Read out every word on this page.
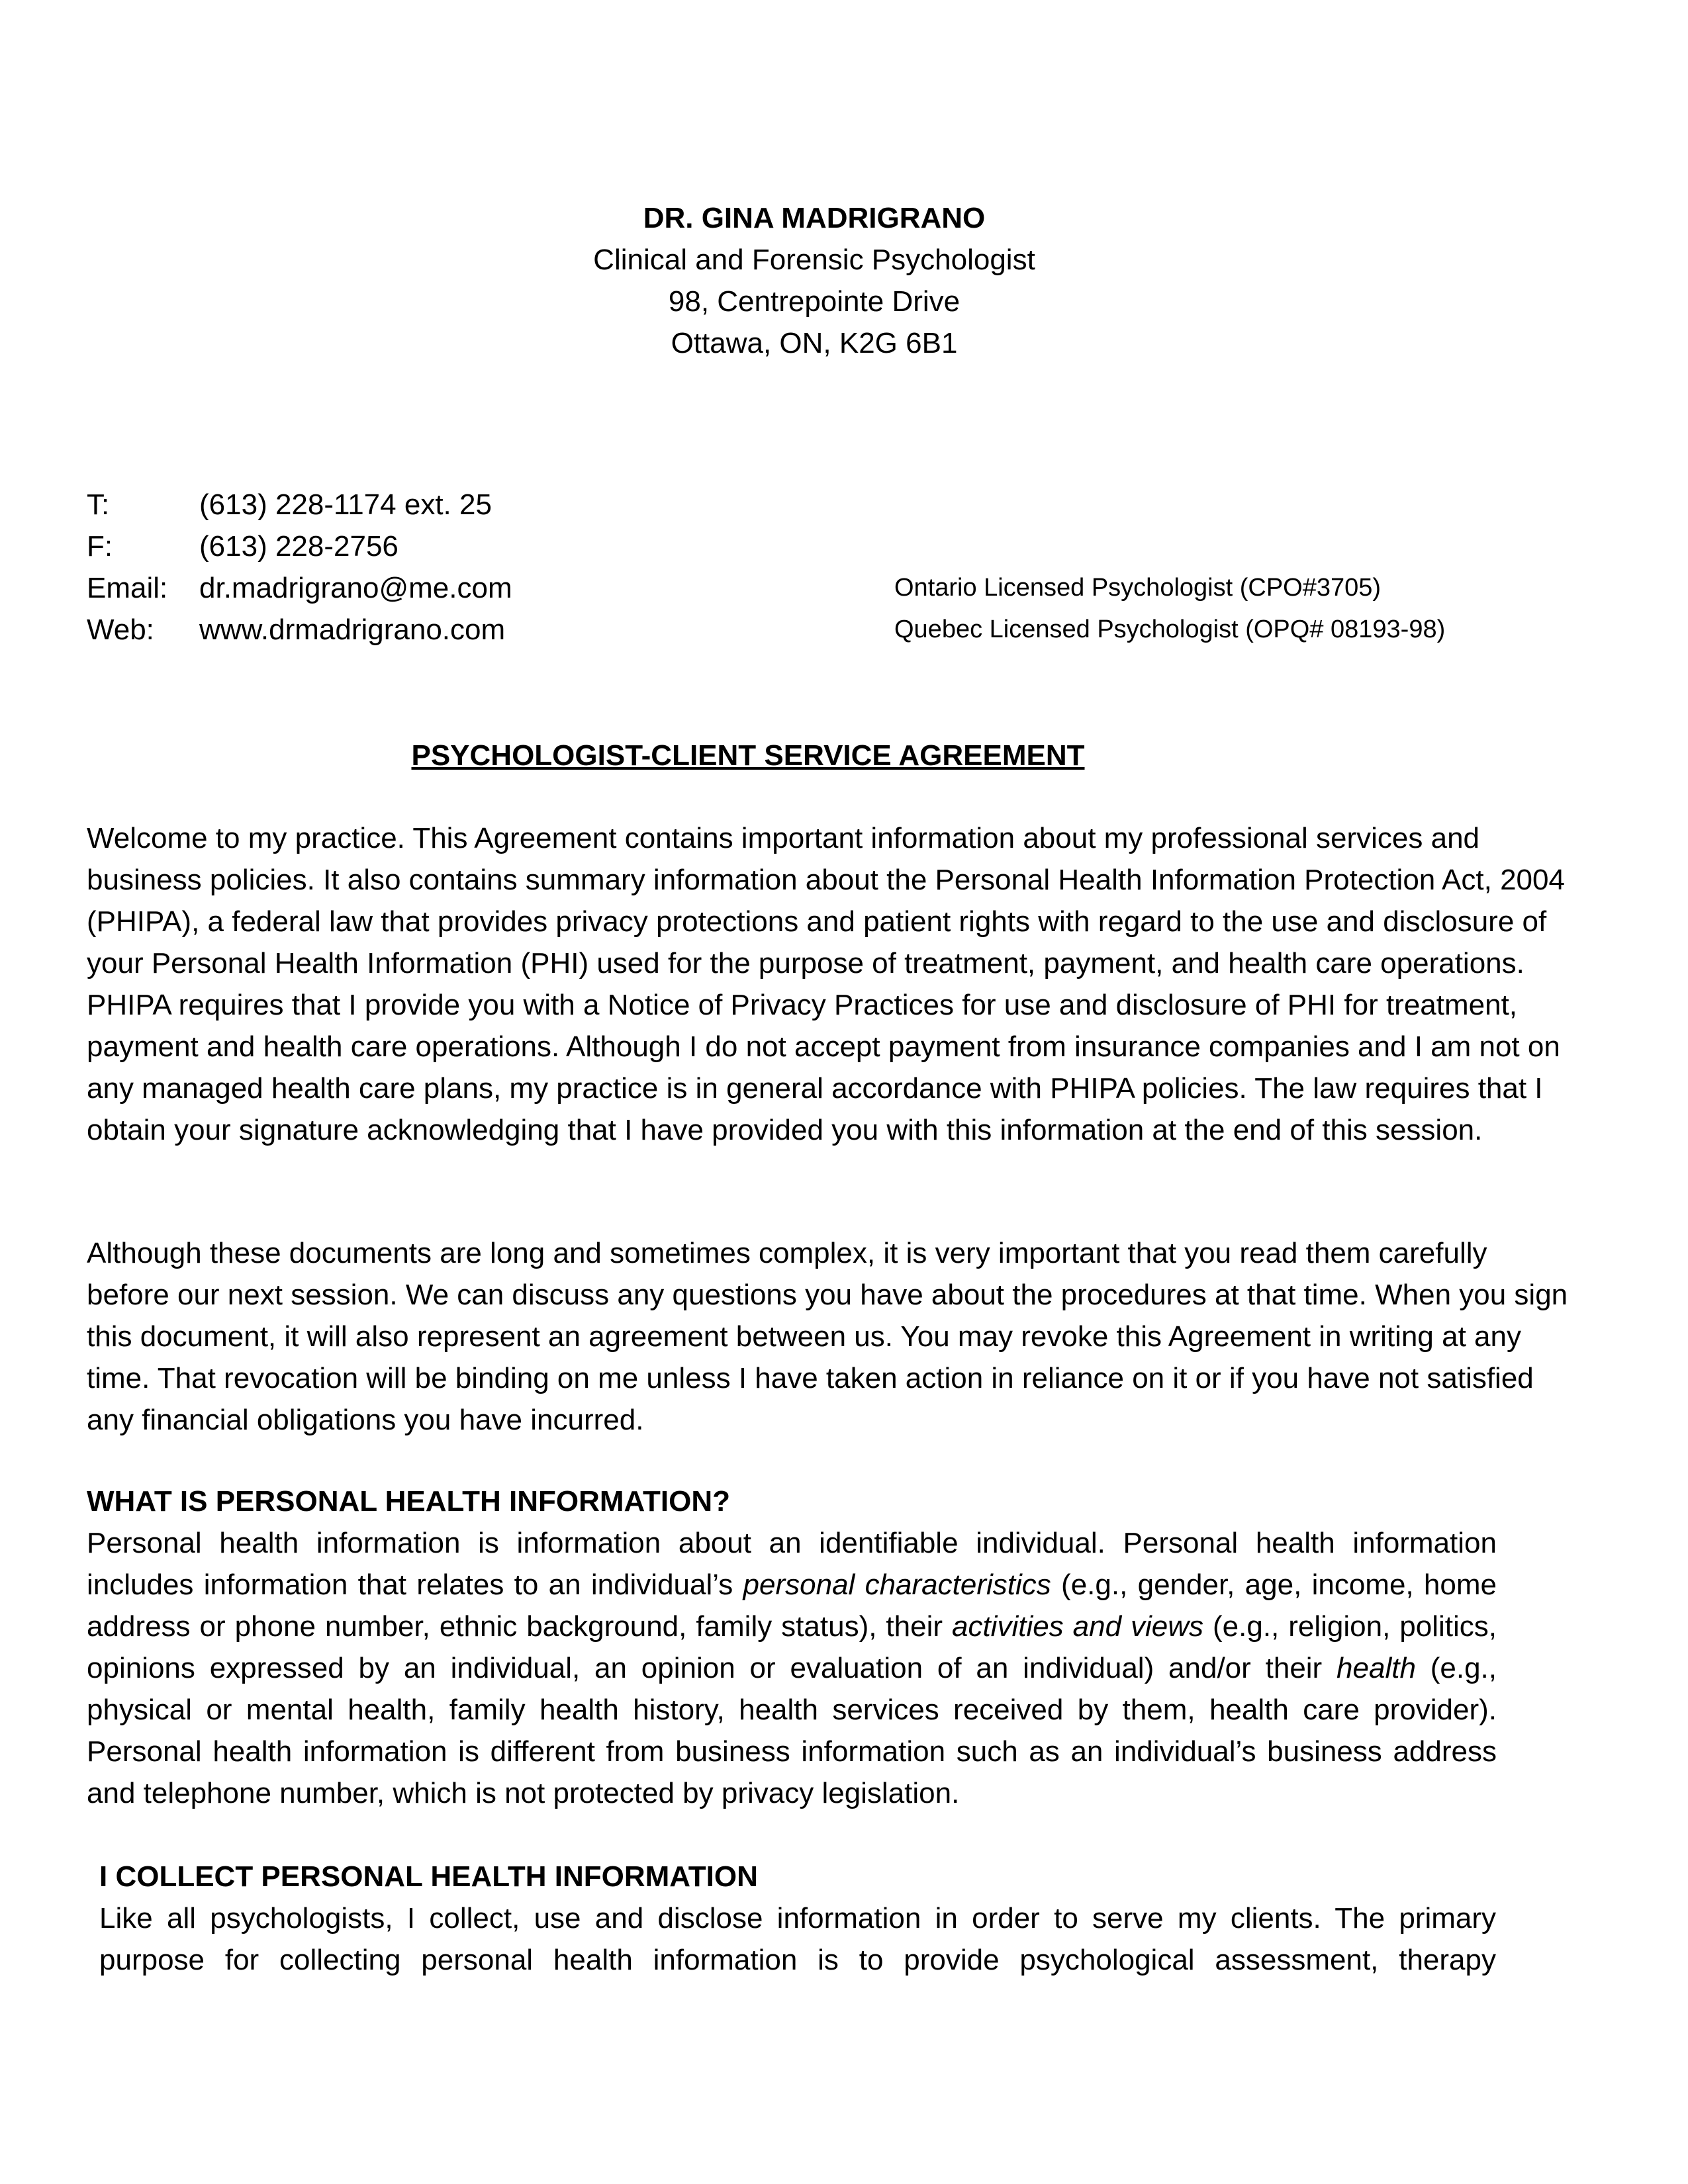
DR. GINA MADRIGRANO
Clinical and Forensic Psychologist
98, Centrepointe Drive
Ottawa, ON, K2G 6B1
T:	(613) 228-1174 ext. 25
F:	(613) 228-2756
Email:	dr.madrigrano@me.com	Ontario Licensed Psychologist (CPO#3705)
Web:	www.drmadrigrano.com	Quebec Licensed Psychologist (OPQ# 08193-98)
PSYCHOLOGIST-CLIENT SERVICE AGREEMENT

Welcome to my practice. This Agreement contains important information about my professional services and business policies. It also contains summary information about the Personal Health Information Protection Act, 2004 (PHIPA), a federal law that provides privacy protections and patient rights with regard to the use and disclosure of your Personal Health Information (PHI) used for the purpose of treatment, payment, and health care operations. PHIPA requires that I provide you with a Notice of Privacy Practices for use and disclosure of PHI for treatment, payment and health care operations. Although I do not accept payment from insurance companies and I am not on any managed health care plans, my practice is in general accordance with PHIPA policies. The law requires that I obtain your signature acknowledging that I have provided you with this information at the end of this session.

Although these documents are long and sometimes complex, it is very important that you read them carefully before our next session. We can discuss any questions you have about the procedures at that time. When you sign this document, it will also represent an agreement between us. You may revoke this Agreement in writing at any time. That revocation will be binding on me unless I have taken action in reliance on it or if you have not satisfied any financial obligations you have incurred.

WHAT IS PERSONAL HEALTH INFORMATION?

Personal health information is information about an identifiable individual. Personal health information includes information that relates to an individual’s personal characteristics (e.g., gender, age, income, home address or phone number, ethnic background, family status), their activities and views (e.g., religion, politics, opinions expressed by an individual, an opinion or evaluation of an individual) and/or their health (e.g., physical or mental health, family health history, health services received by them, health care provider). Personal health information is different from business information such as an individual’s business address and telephone number, which is not protected by privacy legislation.

I COLLECT PERSONAL HEALTH INFORMATION

Like all psychologists, I collect, use and disclose information in order to serve my clients. The primary purpose for collecting personal health information is to provide psychological assessment, therapy
